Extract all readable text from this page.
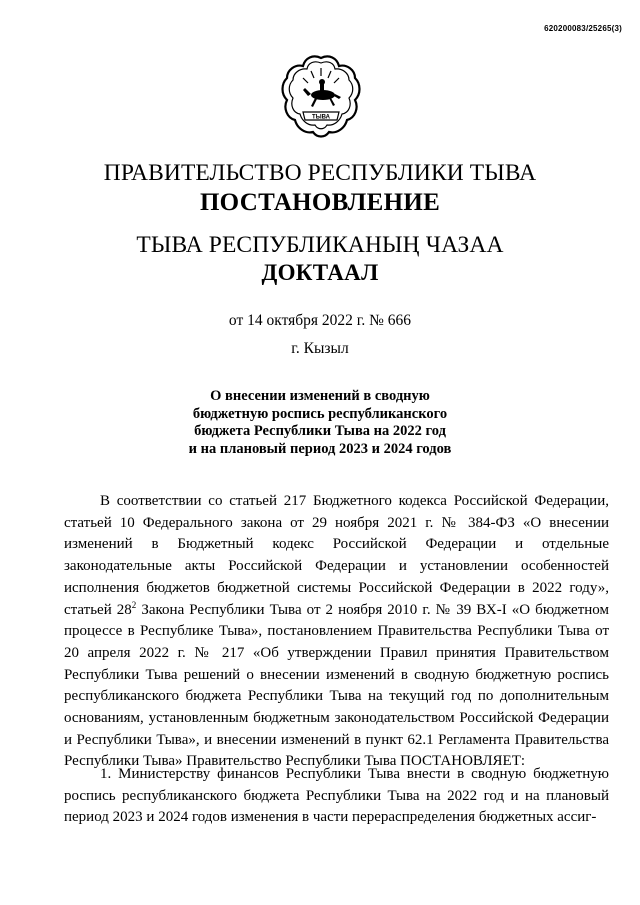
620200083/25265(3)
ТЫВА
ПРАВИТЕЛЬСТВО РЕСПУБЛИКИ ТЫВА
ПОСТАНОВЛЕНИЕ
ТЫВА РЕСПУБЛИКАНЫҢ ЧАЗАА
ДОКТААЛ
от 14 октября 2022 г. № 666
г. Кызыл
О внесении изменений в сводную
бюджетную роспись республиканского
бюджета Республики Тыва на 2022 год
и на плановый период 2023 и 2024 годов
В соответствии со статьей 217 Бюджетного кодекса Российской Федерации, статьей 10 Федерального закона от 29 ноября 2021 г. № 384-ФЗ «О внесении изменений в Бюджетный кодекс Российской Федерации и отдельные законодательные акты Российской Федерации и установлении особенностей исполнения бюджетов бюджетной системы Российской Федерации в 2022 году», статьей $28^2$ Закона Республики Тыва от 2 ноября 2010 г. № 39 ВХ-I «О бюджетном процессе в Республике Тыва», постановлением Правительства Республики Тыва от 20 апреля 2022 г. № 217 «Об утверждении Правил принятия Правительством Республики Тыва решений о внесении изменений в сводную бюджетную роспись республиканского бюджета Республики Тыва на текущий год по дополнительным основаниям, установленным бюджетным законодательством Российской Федерации и Республики Тыва», и внесении изменений в пункт 62.1 Регламента Правительства Республики Тыва» Правительство Республики Тыва ПОСТАНОВЛЯЕТ:
1. Министерству финансов Республики Тыва внести в сводную бюджетную роспись республиканского бюджета Республики Тыва на 2022 год и на плановый период 2023 и 2024 годов изменения в части перераспределения бюджетных ассиг-
